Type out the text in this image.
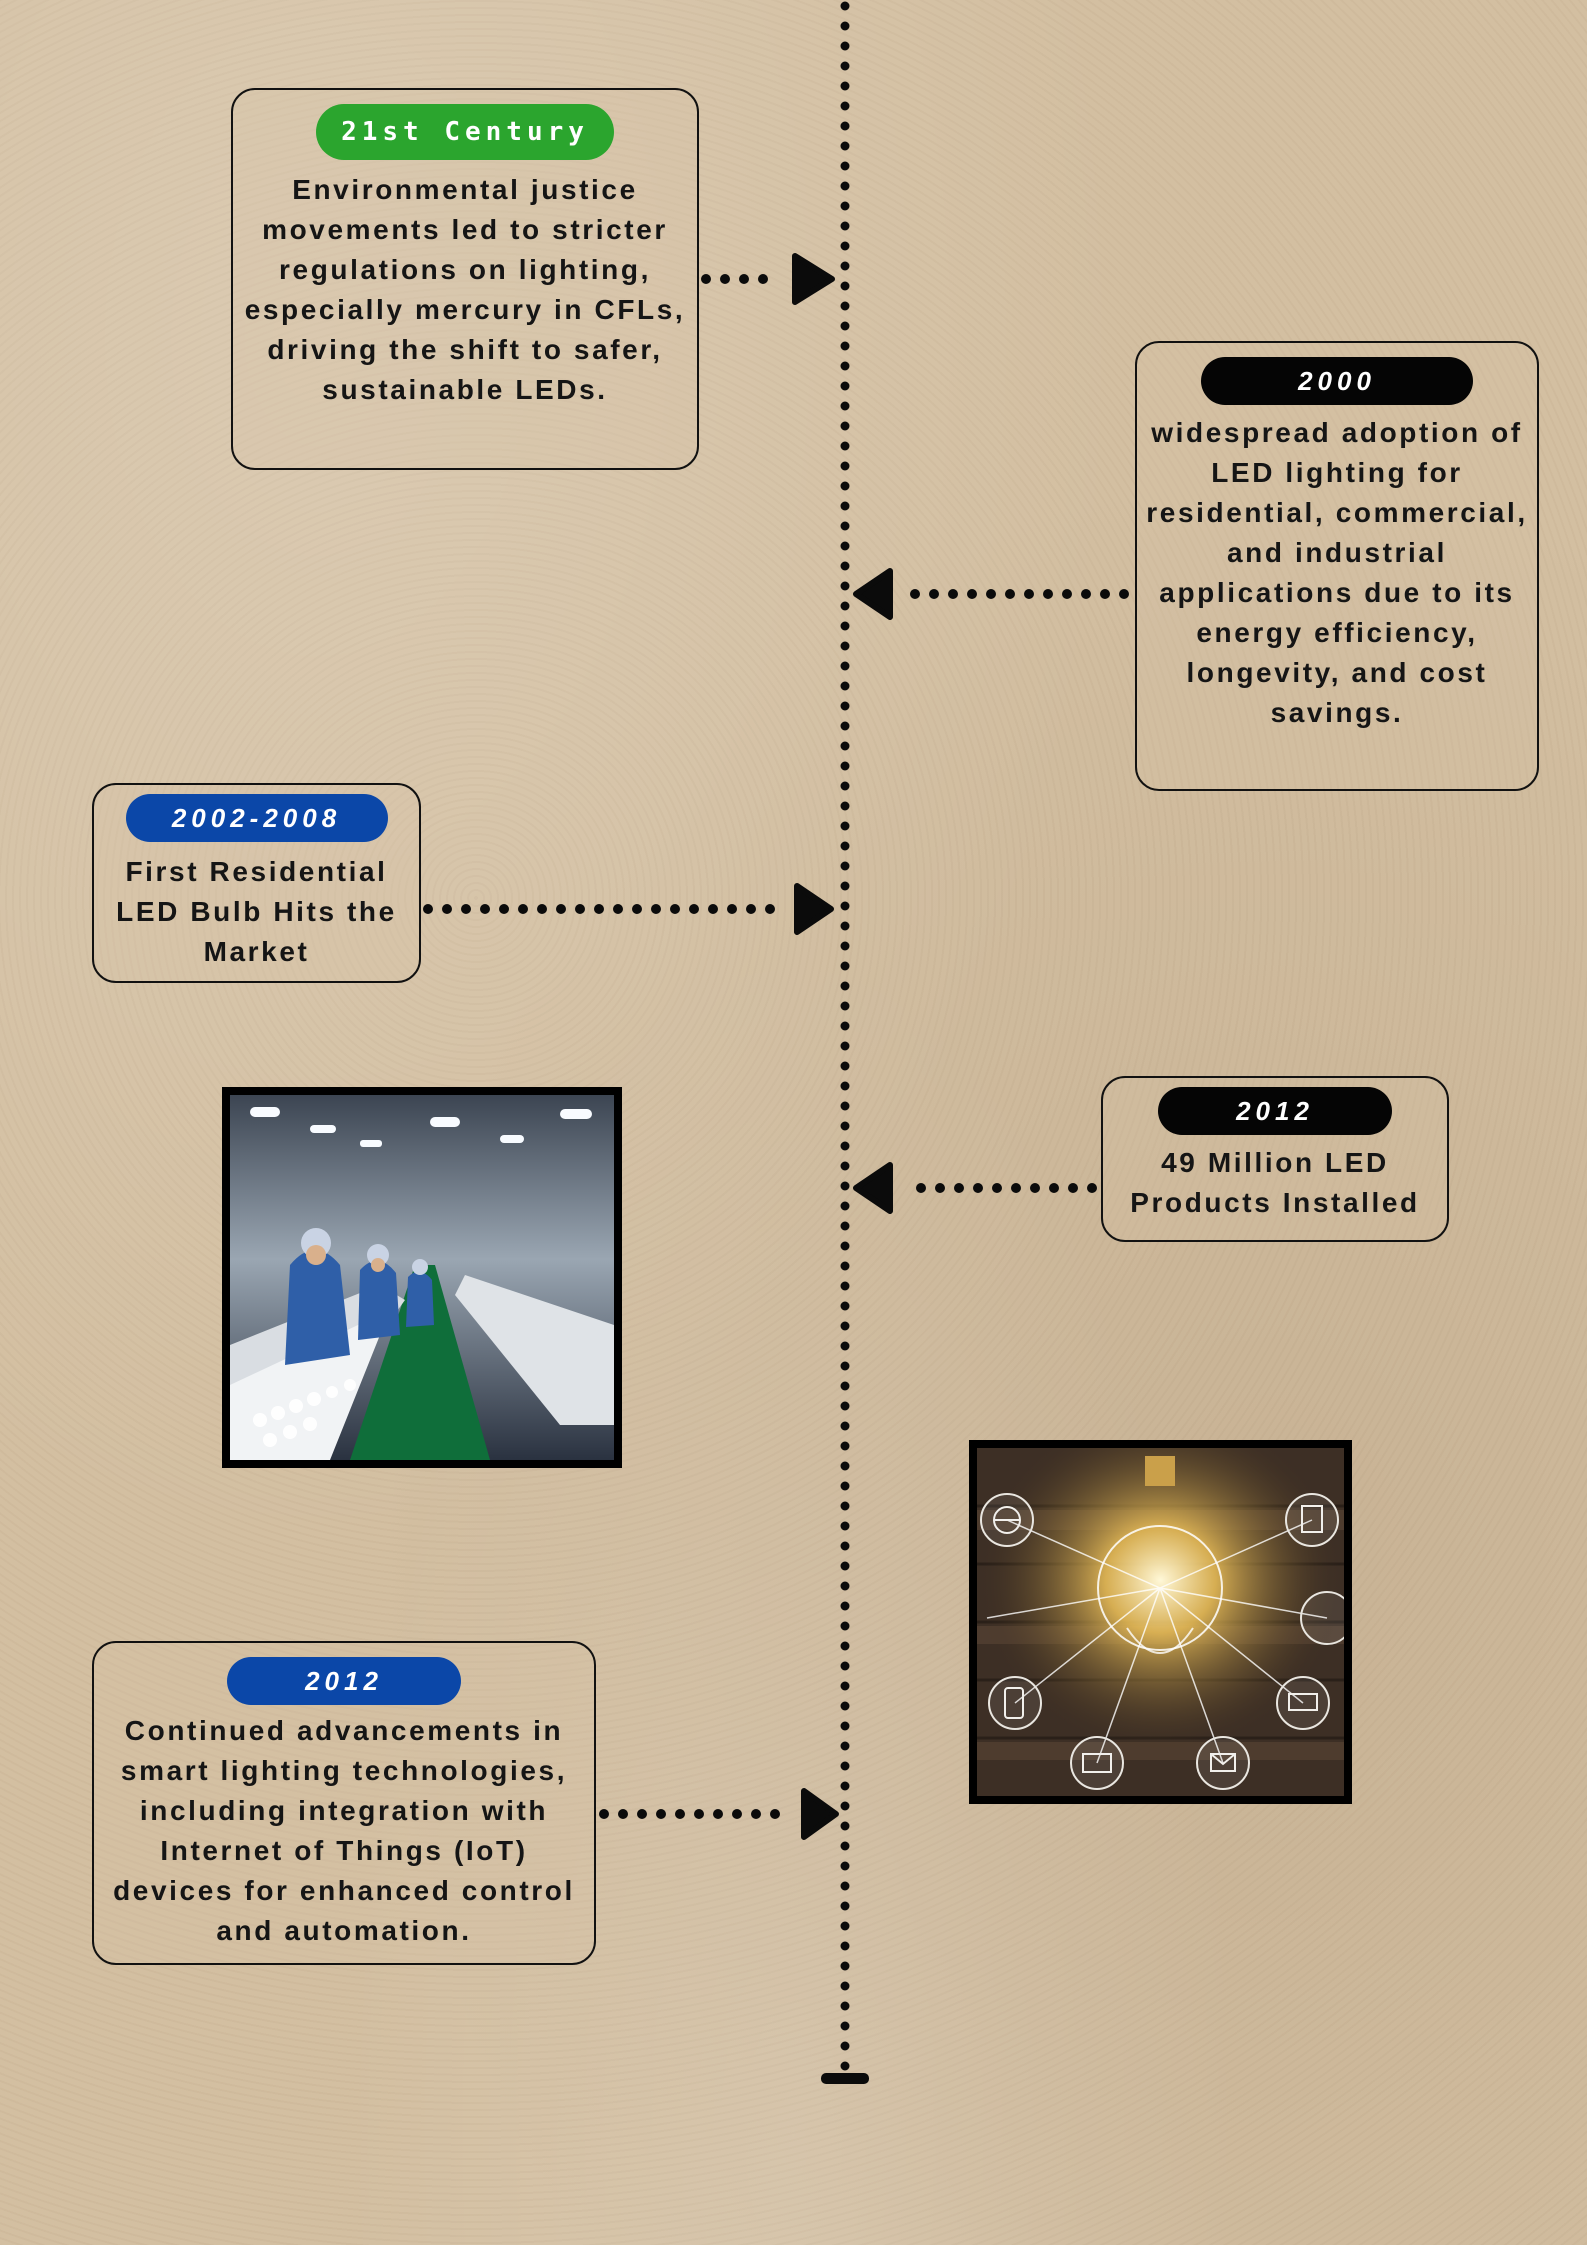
21st Century
Environmental justice movements led to stricter regulations on lighting, especially mercury in CFLs, driving the shift to safer, sustainable LEDs.	2000
widespread adoption of LED lighting for residential, commercial, and industrial applications due to its energy efficiency, longevity, and cost savings.
2002-2008
First Residential LED Bulb Hits the Market
2012
49 Million LED Products Installed
2012
Continued advancements in smart lighting technologies, including integration with Internet of Things (IoT) devices for enhanced control and automation.
